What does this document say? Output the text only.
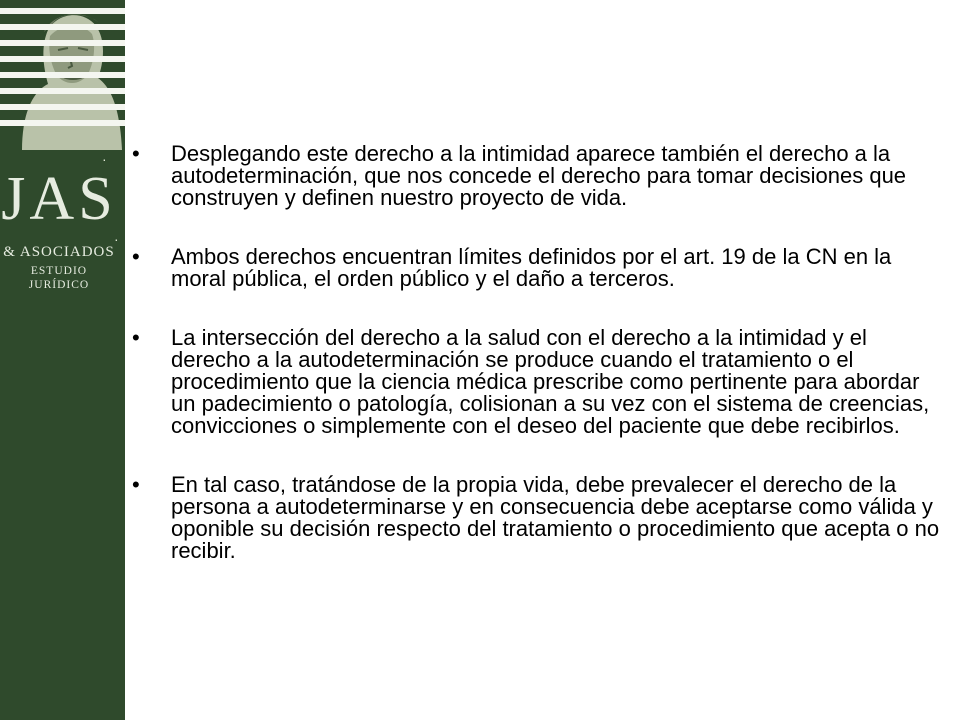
·
·
JAS
& ASOCIADOS
ESTUDIO JURÍDICO
• Desplegando este derecho a la intimidad aparece también el derecho a la autodeterminación, que nos concede el derecho para tomar decisiones que construyen y definen nuestro proyecto de vida.
• Ambos derechos encuentran límites definidos por el art. 19 de la CN en la moral pública, el orden público y el daño a terceros.
• La intersección del derecho a la salud con el derecho a la intimidad y el derecho a la autodeterminación se produce cuando el tratamiento o el procedimiento que la ciencia médica prescribe como pertinente para abordar un padecimiento o patología, colisionan a su vez con el sistema de creencias, convicciones o simplemente con el deseo del paciente que debe recibirlos.
• En tal caso, tratándose de la propia vida, debe prevalecer el derecho de la persona a autodeterminarse y en consecuencia debe aceptarse como válida y oponible su decisión respecto del tratamiento o procedimiento que acepta o no recibir.
